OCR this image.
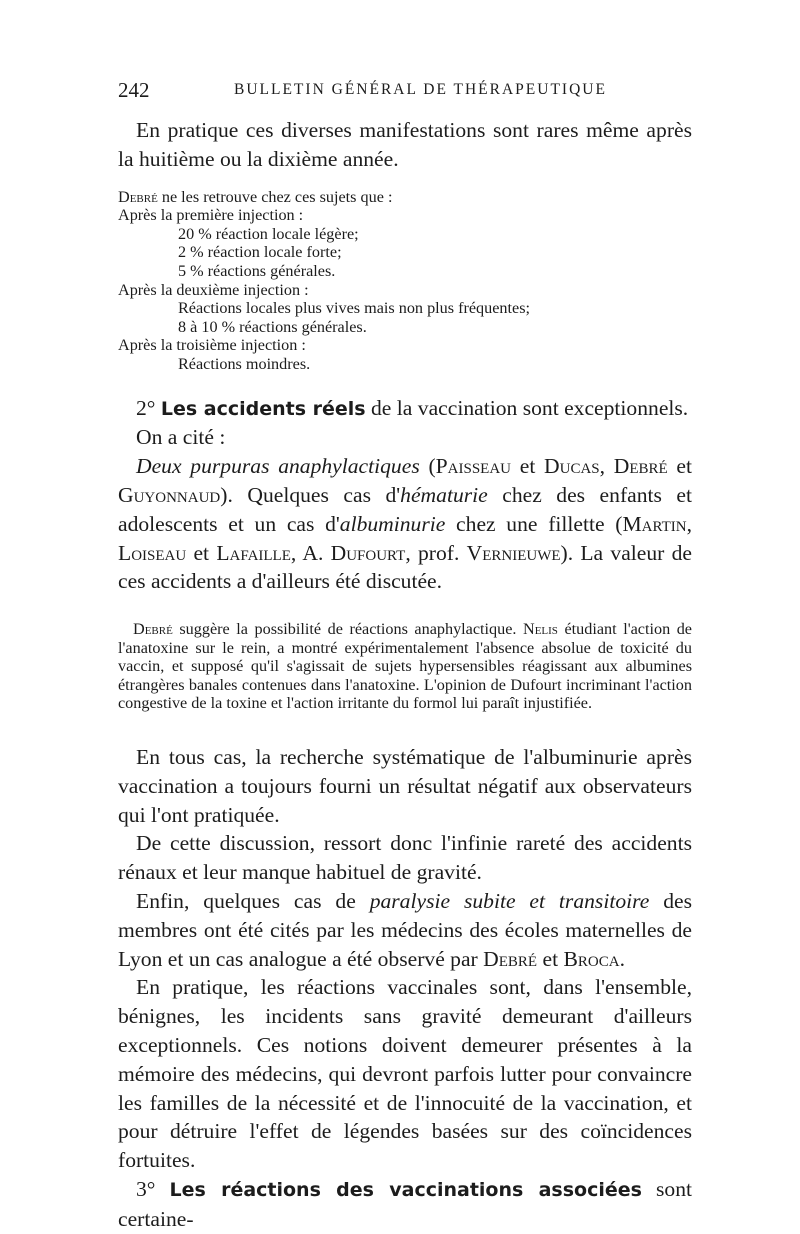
242	BULLETIN GÉNÉRAL DE THÉRAPEUTIQUE

En pratique ces diverses manifestations sont rares même après la huitième ou la dixième année.

Debré ne les retrouve chez ces sujets que :
Après la première injection :
20 % réaction locale légère;
2 % réaction locale forte;
5 % réactions générales.
Après la deuxième injection :
Réactions locales plus vives mais non plus fréquentes;
8 à 10 % réactions générales.
Après la troisième injection :
Réactions moindres.

2° Les accidents réels de la vaccination sont exceptionnels.

On a cité :

Deux purpuras anaphylactiques (Paisseau et Ducas, Debré et Guyonnaud). Quelques cas d'hématurie chez des enfants et adolescents et un cas d'albuminurie chez une fillette (Martin, Loiseau et Lafaille, A. Dufourt, prof. Vernieuwe). La valeur de ces accidents a d'ailleurs été discutée.

Debré suggère la possibilité de réactions anaphylactique. Nelis étudiant l'action de l'anatoxine sur le rein, a montré expérimentalement l'absence absolue de toxicité du vaccin, et supposé qu'il s'agissait de sujets hypersensibles réagissant aux albumines étrangères banales contenues dans l'anatoxine. L'opinion de Dufourt incriminant l'action congestive de la toxine et l'action irritante du formol lui paraît injustifiée.

En tous cas, la recherche systématique de l'albuminurie après vaccination a toujours fourni un résultat négatif aux observateurs qui l'ont pratiquée.

De cette discussion, ressort donc l'infinie rareté des accidents rénaux et leur manque habituel de gravité.

Enfin, quelques cas de paralysie subite et transitoire des membres ont été cités par les médecins des écoles maternelles de Lyon et un cas analogue a été observé par Debré et Broca.

En pratique, les réactions vaccinales sont, dans l'ensemble, bénignes, les incidents sans gravité demeurant d'ailleurs exceptionnels. Ces notions doivent demeurer présentes à la mémoire des médecins, qui devront parfois lutter pour convaincre les familles de la nécessité et de l'innocuité de la vaccination, et pour détruire l'effet de légendes basées sur des coïncidences fortuites.

3° Les réactions des vaccinations associées sont certaine-
